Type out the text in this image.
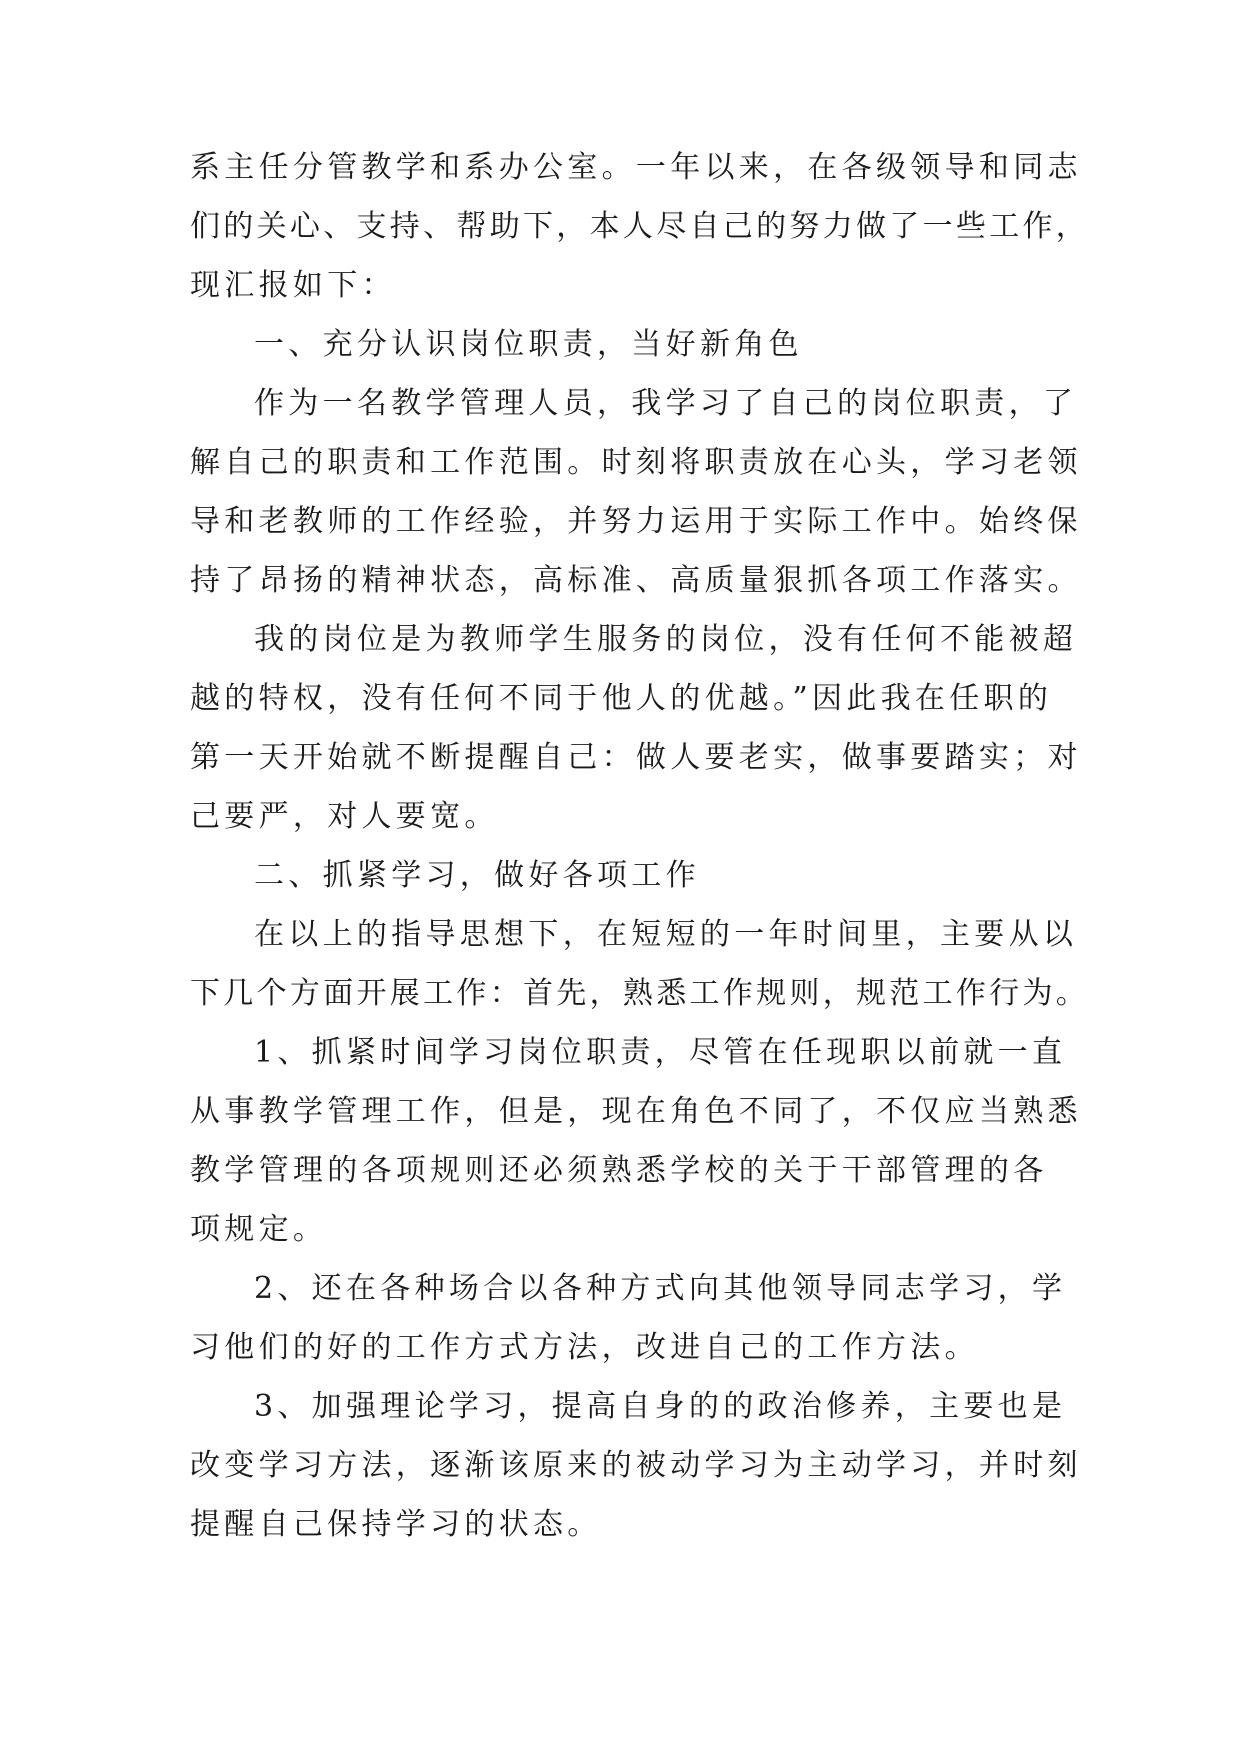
系主任分管教学和系办公室。一年以来，在各级领导和同志
们的关心、支持、帮助下，本人尽自己的努力做了一些工作，
现汇报如下：
一、充分认识岗位职责，当好新角色
作为一名教学管理人员，我学习了自己的岗位职责，了
解自己的职责和工作范围。时刻将职责放在心头，学习老领
导和老教师的工作经验，并努力运用于实际工作中。始终保
持了昂扬的精神状态，高标准、高质量狠抓各项工作落实。
我的岗位是为教师学生服务的岗位，没有任何不能被超
越的特权，没有任何不同于他人的优越。”因此我在任职的
第一天开始就不断提醒自己：做人要老实，做事要踏实；对
己要严，对人要宽。
二、抓紧学习，做好各项工作
在以上的指导思想下，在短短的一年时间里，主要从以
下几个方面开展工作：首先，熟悉工作规则，规范工作行为。
1、抓紧时间学习岗位职责，尽管在任现职以前就一直
从事教学管理工作，但是，现在角色不同了，不仅应当熟悉
教学管理的各项规则还必须熟悉学校的关于干部管理的各
项规定。
2、还在各种场合以各种方式向其他领导同志学习，学
习他们的好的工作方式方法，改进自己的工作方法。
3、加强理论学习，提高自身的的政治修养，主要也是
改变学习方法，逐渐该原来的被动学习为主动学习，并时刻
提醒自己保持学习的状态。
